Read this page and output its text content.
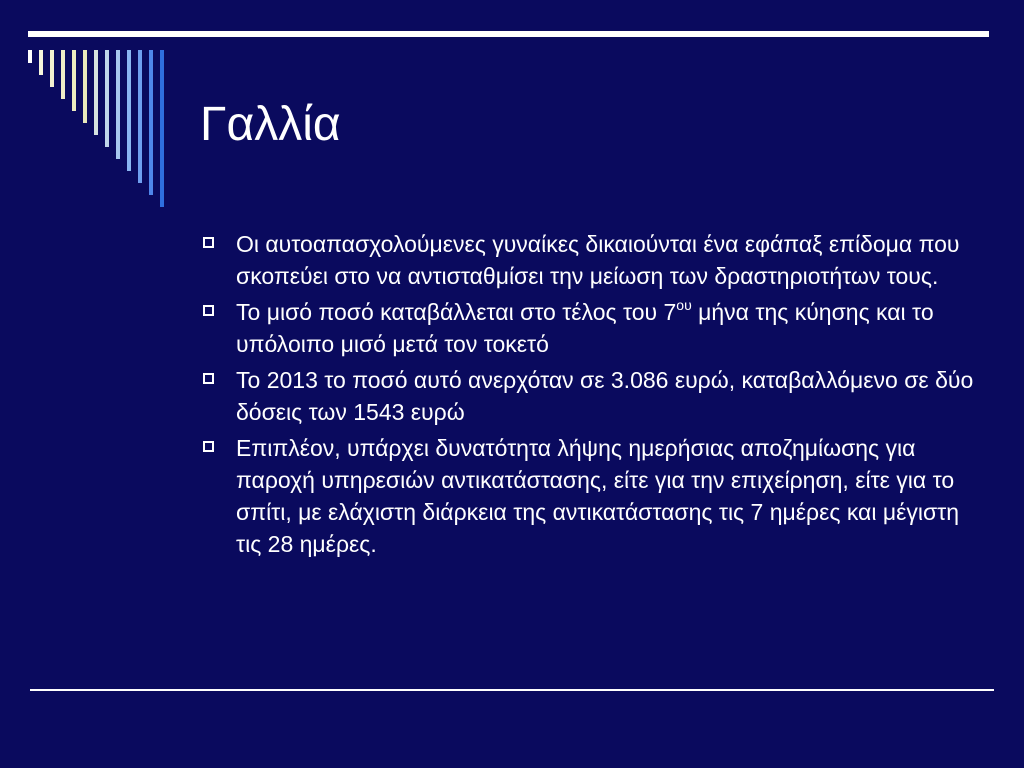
Γαλλία
Οι αυτοαπασχολούμενες γυναίκες δικαιούνται ένα εφάπαξ επίδομα που σκοπεύει στο να αντισταθμίσει την μείωση των δραστηριοτήτων τους.
Το μισό ποσό καταβάλλεται στο τέλος του $7^{o\upsilon}$ μήνα της κύησης και το υπόλοιπο μισό μετά τον τοκετό
Το 2013 το ποσό αυτό ανερχόταν σε 3.086 ευρώ, καταβαλλόμενο σε δύο δόσεις των 1543 ευρώ
Επιπλέον, υπάρχει δυνατότητα λήψης ημερήσιας αποζημίωσης για παροχή υπηρεσιών αντικατάστασης, είτε για την επιχείρηση, είτε για το σπίτι, με ελάχιστη διάρκεια της αντικατάστασης τις 7 ημέρες και μέγιστη τις 28 ημέρες.
